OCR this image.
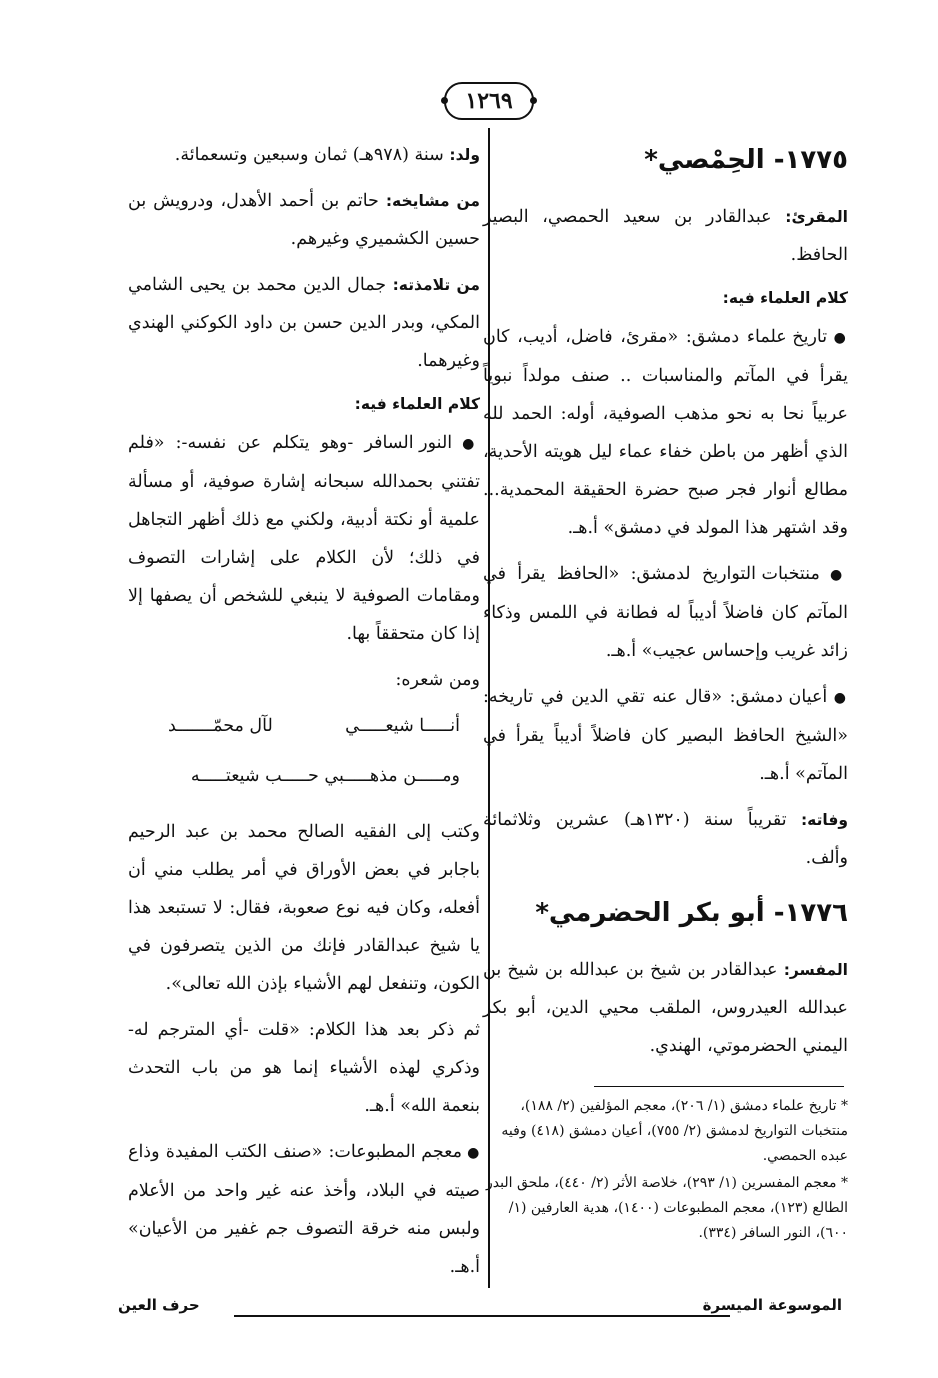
١٢٦٩
١٧٧٥- الحِمْصي*

المقرئ: عبدالقادر بن سعيد الحمصي، البصير الحافظ.

كلام العلماء فيه:

● تاريخ علماء دمشق: «مقرئ، فاضل، أديب، كان يقرأ في المآتم والمناسبات .. صنف مولداً نبوياً عربياً نحا به نحو مذهب الصوفية، أوله: الحمد لله الذي أظهر من باطن خفاء عماء ليل هويته الأحدية، مطالع أنوار فجر صبح حضرة الحقيقة المحمدية... وقد اشتهر هذا المولد في دمشق» أ.هـ.

● منتخبات التواريخ لدمشق: «الحافظ يقرأ في المآتم كان فاضلاً أديباً له فطانة في اللمس وذكاء زائد غريب وإحساس عجيب» أ.هـ.

● أعيان دمشق: «قال عنه تقي الدين في تاريخه: «الشيخ الحافظ البصير كان فاضلاً أديباً يقرأ في المآتم» أ.هـ.

وفاته: تقريباً سنة (١٣٢٠هـ) عشرين وثلاثمائة وألف.

١٧٧٦- أبو بكر الحضرمي*

المفسر: عبدالقادر بن شيخ بن عبدالله بن شيخ بن عبدالله العيدروس، الملقب محيي الدين، أبو بكر اليمني الحضرموتي، الهندي.

* تاريخ علماء دمشق (١/ ٢٠٦)، معجم المؤلفين (٢/ ١٨٨)، منتخبات التواريخ لدمشق (٢/ ٧٥٥)، أعيان دمشق (٤١٨) وفيه عبده الحمصي.

* معجم المفسرين (١/ ٢٩٣)، خلاصة الأثر (٢/ ٤٤٠)، ملحق البدر الطالع (١٢٣)، معجم المطبوعات (١٤٠٠)، هدية العارفين (١/ ٦٠٠)، النور السافر (٣٣٤).

ولد: سنة (٩٧٨هـ) ثمان وسبعين وتسعمائة.

من مشايخه: حاتم بن أحمد الأهدل، ودرويش بن حسين الكشميري وغيرهم.

من تلامذته: جمال الدين محمد بن يحيى الشامي المكي، وبدر الدين حسن بن داود الكوكني الهندي وغيرهما.

كلام العلماء فيه:

● النور السافر -وهو يتكلم عن نفسه-: «فلم تفتني بحمدالله سبحانه إشارة صوفية، أو مسألة علمية أو نكتة أدبية، ولكني مع ذلك أظهر التجاهل في ذلك؛ لأن الكلام على إشارات التصوف ومقامات الصوفية لا ينبغي للشخص أن يصفها إلا إذا كان متحققاً بها.

ومن شعره:

أنـــــا شيعـــــي
لآل محمّـــــــد
ومـــــن مذهـــــبي حـــــب شيعتـــــه

وكتب إلى الفقيه الصالح محمد بن عبد الرحيم باجابر في بعض الأوراق في أمر يطلب مني أن أفعله، وكان فيه نوع صعوبة، فقال: لا تستبعد هذا يا شيخ عبدالقادر فإنك من الذين يتصرفون في الكون، وتنفعل لهم الأشياء بإذن الله تعالى».

ثم ذكر بعد هذا الكلام: «قلت -أي المترجم له- وذكري لهذه الأشياء إنما هو من باب التحدث بنعمة الله» أ.هـ.

● معجم المطبوعات: «صنف الكتب المفيدة وذاع صيته في البلاد، وأخذ عنه غير واحد من الأعلام ولبس منه خرقة التصوف جم غفير من الأعيان» أ.هـ.

الموسوعة الميسرة
حرف العين
